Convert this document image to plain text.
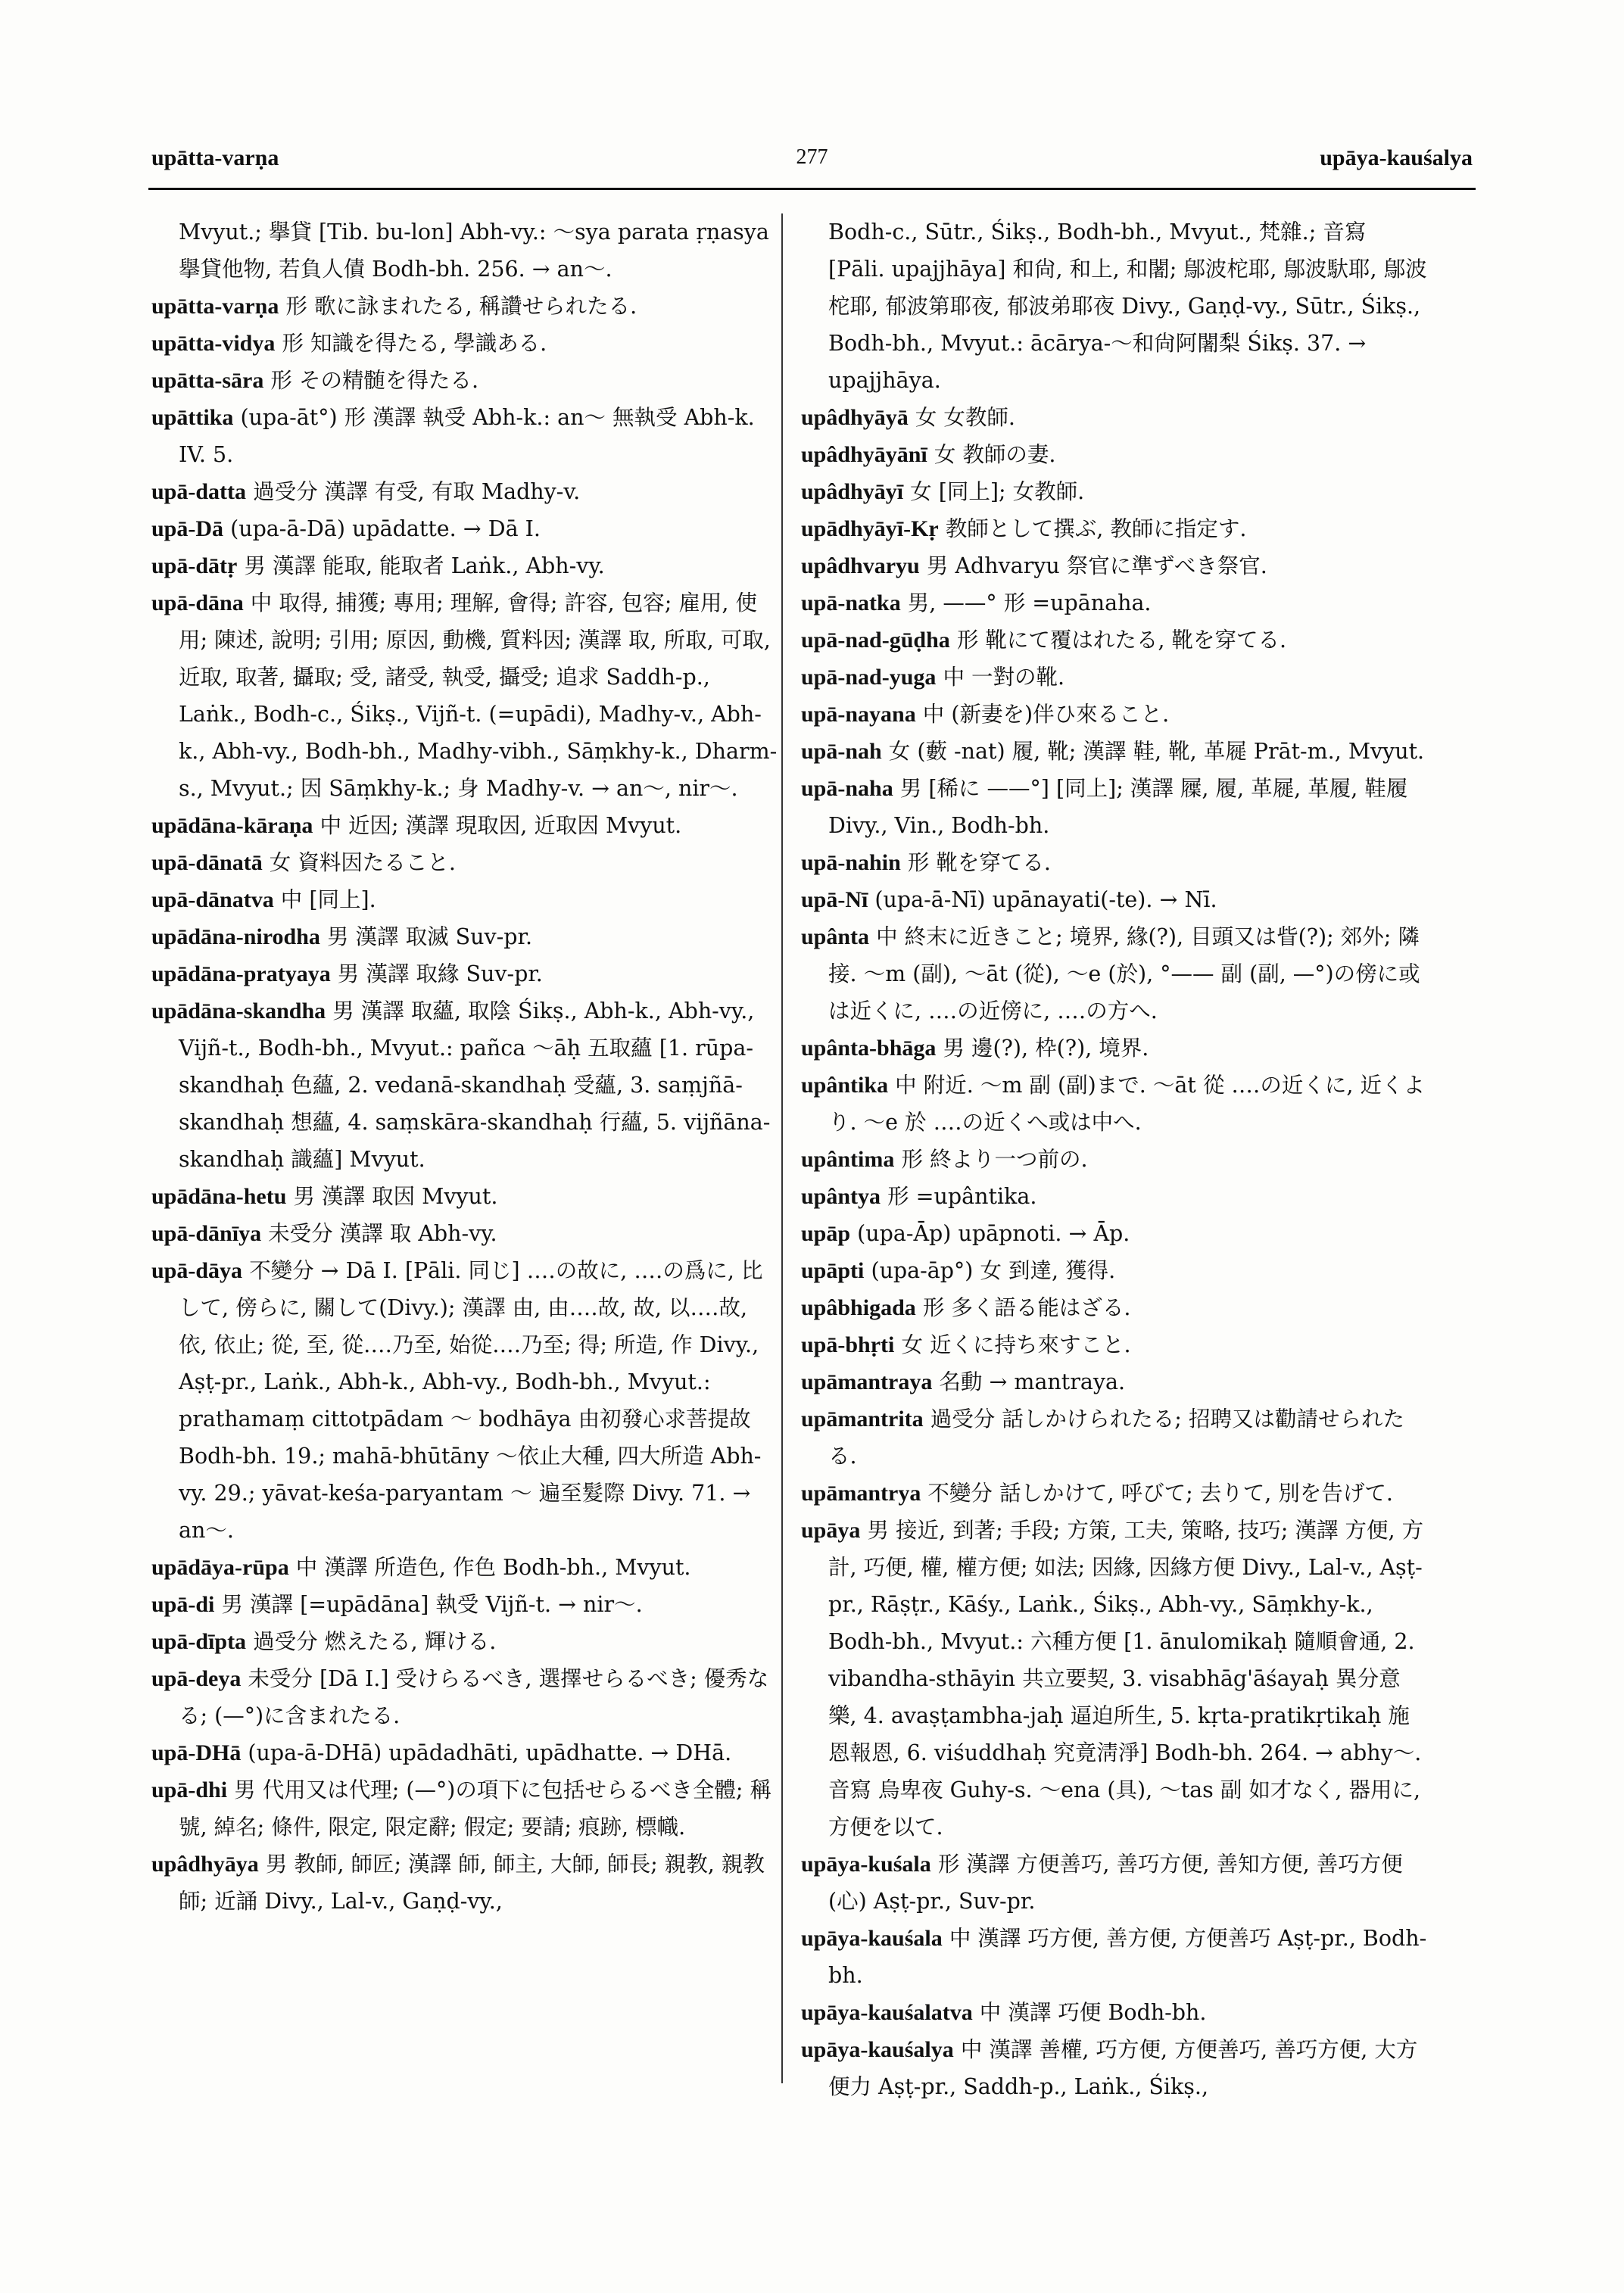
upātta-varṇa	277	upāya-kauśalya

Mvyut.; 擧貸 [Tib. bu-lon] Abh-vy.: 〜sya parata ṛṇasya 擧貸他物, 若負人債 Bodh-bh. 256. → an〜.

upātta-varṇa 形 歌に詠まれたる, 稱讚せられたる.

upātta-vidya 形 知識を得たる, 學識ある.

upātta-sāra 形 その精髄を得たる.

upāttika (upa-āt°) 形 漢譯 執受 Abh-k.: an〜 無執受 Abh-k. IV. 5.

upā-datta 過受分 漢譯 有受, 有取 Madhy-v.

upā-Dā (upa-ā-Dā) upādatte. → Dā I.

upā-dātṛ 男 漢譯 能取, 能取者 Laṅk., Abh-vy.

upā-dāna 中 取得, 捕獲; 專用; 理解, 會得; 許容, 包容; 雇用, 使用; 陳述, 說明; 引用; 原因, 動機, 質料因; 漢譯 取, 所取, 可取, 近取, 取著, 攝取; 受, 諸受, 執受, 攝受; 追求 Saddh-p., Laṅk., Bodh-c., Śikṣ., Vijñ-t. (=upādi), Madhy-v., Abh-k., Abh-vy., Bodh-bh., Madhy-vibh., Sāṃkhy-k., Dharm-s., Mvyut.; 因 Sāṃkhy-k.; 身 Madhy-v. → an〜, nir〜.

upādāna-kāraṇa 中 近因; 漢譯 現取因, 近取因 Mvyut.

upā-dānatā 女 資料因たること.

upā-dānatva 中 [同上].

upādāna-nirodha 男 漢譯 取滅 Suv-pr.

upādāna-pratyaya 男 漢譯 取緣 Suv-pr.

upādāna-skandha 男 漢譯 取蘊, 取陰 Śikṣ., Abh-k., Abh-vy., Vijñ-t., Bodh-bh., Mvyut.: pañca 〜āḥ 五取蘊 [1. rūpa-skandhaḥ 色蘊, 2. vedanā-skandhaḥ 受蘊, 3. saṃjñā-skandhaḥ 想蘊, 4. saṃskāra-skandhaḥ 行蘊, 5. vijñāna-skandhaḥ 識蘊] Mvyut.

upādāna-hetu 男 漢譯 取因 Mvyut.

upā-dānīya 未受分 漢譯 取 Abh-vy.

upā-dāya 不變分 → Dā I. [Pāli. 同じ] ‥‥の故に, ‥‥の爲に, 比して, 傍らに, 關して(Divy.); 漢譯 由, 由‥‥故, 故, 以‥‥故, 依, 依止; 從, 至, 從‥‥乃至, 始從‥‥乃至; 得; 所造, 作 Divy., Aṣṭ-pr., Laṅk., Abh-k., Abh-vy., Bodh-bh., Mvyut.: prathamaṃ cittotpādam 〜 bodhāya 由初發心求菩提故 Bodh-bh. 19.; mahā-bhūtāny 〜依止大種, 四大所造 Abh-vy. 29.; yāvat-keśa-paryantam 〜 遍至髮際 Divy. 71. → an〜.

upādāya-rūpa 中 漢譯 所造色, 作色 Bodh-bh., Mvyut.

upā-di 男 漢譯 [=upādāna] 執受 Vijñ-t. → nir〜.

upā-dīpta 過受分 燃えたる, 輝ける.

upā-deya 未受分 [Dā I.] 受けらるべき, 選擇せらるべき; 優秀なる; (—°)に含まれたる.

upā-DHā (upa-ā-DHā) upādadhāti, upādhatte. → DHā.

upā-dhi 男 代用又は代理; (—°)の項下に包括せらるべき全體; 稱號, 綽名; 條件, 限定, 限定辭; 假定; 要請; 痕跡, 標幟.

upâdhyāya 男 教師, 師匠; 漢譯 師, 師主, 大師, 師長; 親教, 親教師; 近誦 Divy., Lal-v., Gaṇḍ-vy.,

Bodh-c., Sūtr., Śikṣ., Bodh-bh., Mvyut., 梵雜.; 音寫 [Pāli. upajjhāya] 和尙, 和上, 和闍; 鄔波柁耶, 鄔波馱耶, 鄔波柁耶, 郁波第耶夜, 郁波弟耶夜 Divy., Gaṇḍ-vy., Sūtr., Śikṣ., Bodh-bh., Mvyut.: ācārya-〜和尙阿闍梨 Śikṣ. 37. → upajjhāya.

upâdhyāyā 女 女教師.

upâdhyāyānī 女 教師の妻.

upâdhyāyī 女 [同上]; 女教師.

upādhyāyī-Kṛ 教師として撰ぶ, 教師に指定す.

upâdhvaryu 男 Adhvaryu 祭官に準ずべき祭官.

upā-natka 男, ——° 形 =upānaha.

upā-nad-gūḍha 形 靴にて覆はれたる, 靴を穿てる.

upā-nad-yuga 中 一對の靴.

upā-nayana 中 (新妻を)伴ひ來ること.

upā-nah 女 (藪 -nat) 履, 靴; 漢譯 鞋, 靴, 革屣 Prāt-m., Mvyut.

upā-naha 男 [稀に ——°] [同上]; 漢譯 屧, 履, 革屣, 革履, 鞋履 Divy., Vin., Bodh-bh.

upā-nahin 形 靴を穿てる.

upā-Nī (upa-ā-Nī) upānayati(-te). → Nī.

upânta 中 終末に近きこと; 境界, 緣(?), 目頭又は眥(?); 郊外; 隣接. 〜m (副), 〜āt (從), 〜e (於), °—— 副 (副, —°)の傍に或は近くに, ‥‥の近傍に, ‥‥の方へ.

upânta-bhāga 男 邊(?), 枠(?), 境界.

upântika 中 附近. 〜m 副 (副)まで. 〜āt 從 ‥‥の近くに, 近くより. 〜e 於 ‥‥の近くへ或は中へ.

upântima 形 終より一つ前の.

upântya 形 =upântika.

upāp (upa-Āp) upāpnoti. → Āp.

upāpti (upa-āp°) 女 到達, 獲得.

upâbhigada 形 多く語る能はざる.

upā-bhṛti 女 近くに持ち來すこと.

upāmantraya 名動 → mantraya.

upāmantrita 過受分 話しかけられたる; 招聘又は勸請せられたる.

upāmantrya 不變分 話しかけて, 呼びて; 去りて, 別を告げて.

upāya 男 接近, 到著; 手段; 方策, 工夫, 策略, 技巧; 漢譯 方便, 方計, 巧便, 權, 權方便; 如法; 因緣, 因緣方便 Divy., Lal-v., Aṣṭ-pr., Rāṣṭr., Kāśy., Laṅk., Śikṣ., Abh-vy., Sāṃkhy-k., Bodh-bh., Mvyut.: 六種方便 [1. ānulomikaḥ 隨順會通, 2. vibandha-sthāyin 共立要契, 3. visabhāg'āśayaḥ 異分意樂, 4. avaṣṭambha-jaḥ 逼迫所生, 5. kṛta-pratikṛtikaḥ 施恩報恩, 6. viśuddhaḥ 究竟淸淨] Bodh-bh. 264. → abhy〜. 音寫 烏卑夜 Guhy-s. 〜ena (具), 〜tas 副 如才なく, 器用に, 方便を以て.

upāya-kuśala 形 漢譯 方便善巧, 善巧方便, 善知方便, 善巧方便(心) Aṣṭ-pr., Suv-pr.

upāya-kauśala 中 漢譯 巧方便, 善方便, 方便善巧 Aṣṭ-pr., Bodh-bh.

upāya-kauśalatva 中 漢譯 巧便 Bodh-bh.

upāya-kauśalya 中 漢譯 善權, 巧方便, 方便善巧, 善巧方便, 大方便力 Aṣṭ-pr., Saddh-p., Laṅk., Śikṣ.,
